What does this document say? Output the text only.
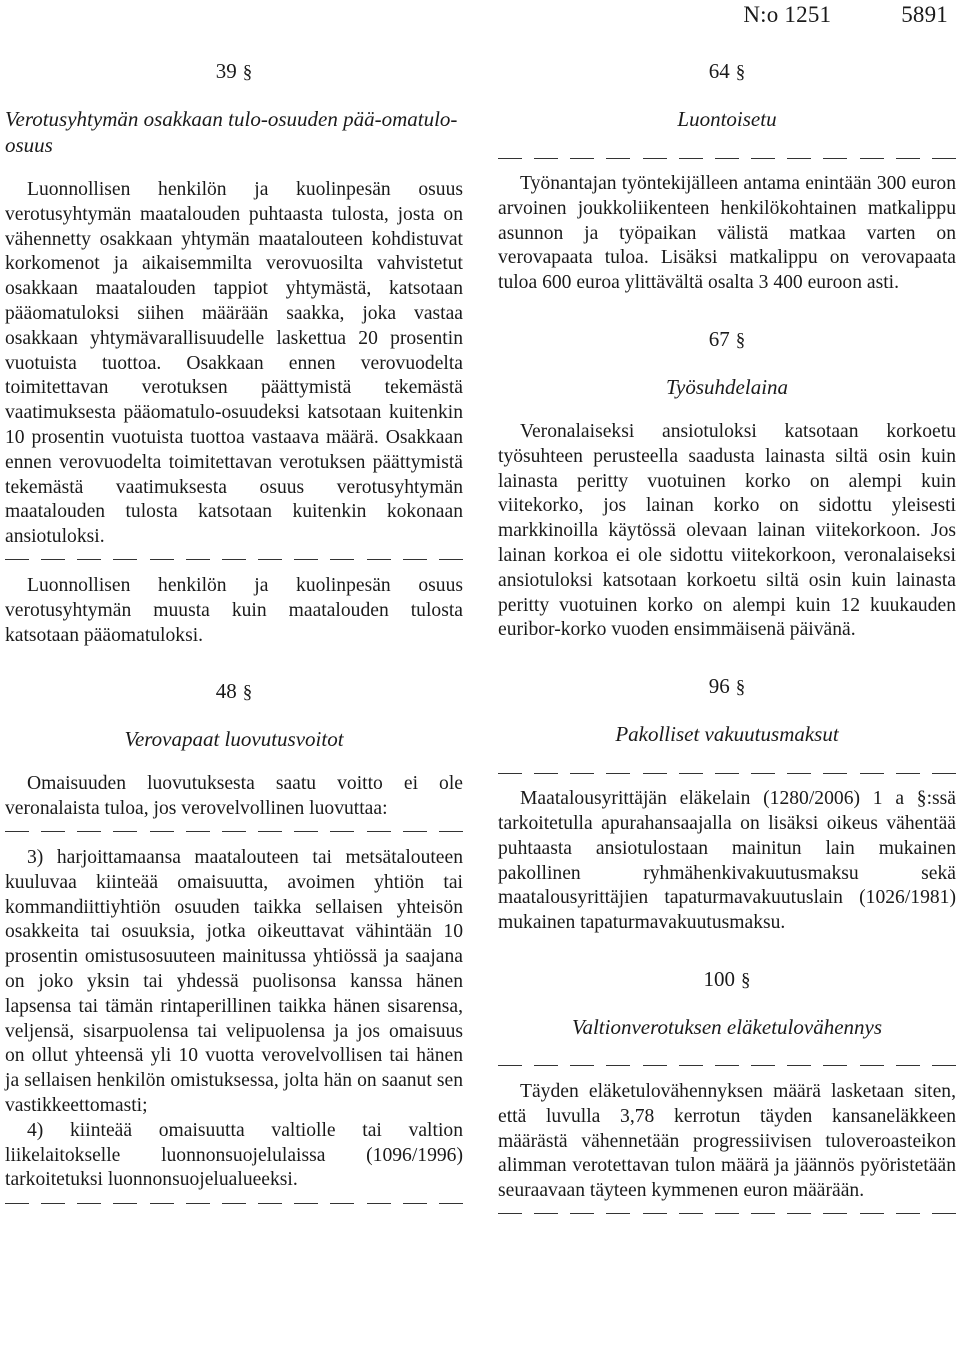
N:o 1251	5891
39 §
Verotusyhtymän osakkaan tulo-osuuden pää-omatulo-osuus

Luonnollisen henkilön ja kuolinpesän osuus verotusyhtymän maatalouden puhtaasta tulosta, josta on vähennetty osakkaan yhtymän maatalouteen kohdistuvat korkomenot ja aikaisemmilta verovuosilta vahvistetut osakkaan maatalouden tappiot yhtymästä, katsotaan pääomatuloksi siihen määrään saakka, joka vastaa osakkaan yhtymävarallisuudelle laskettua 20 prosentin vuotuista tuottoa. Osakkaan ennen verovuodelta toimitettavan verotuksen päättymistä tekemästä vaatimuksesta pääomatulo-osuudeksi katsotaan kuitenkin 10 prosentin vuotuista tuottoa vastaava määrä. Osakkaan ennen verovuodelta toimitettavan verotuksen päättymistä tekemästä vaatimuksesta osuus verotusyhtymän maatalouden tulosta katsotaan kuitenkin kokonaan ansiotuloksi.

Luonnollisen henkilön ja kuolinpesän osuus verotusyhtymän muusta kuin maatalouden tulosta katsotaan pääomatuloksi.

48 §
Verovapaat luovutusvoitot

Omaisuuden luovutuksesta saatu voitto ei ole veronalaista tuloa, jos verovelvollinen luovuttaa:

3) harjoittamaansa maatalouteen tai metsätalouteen kuuluvaa kiinteää omaisuutta, avoimen yhtiön tai kommandiittiyhtiön osuuden taikka sellaisen yhteisön osakkeita tai osuuksia, jotka oikeuttavat vähintään 10 prosentin omistusosuuteen mainitussa yhtiössä ja saajana on joko yksin tai yhdessä puolisonsa kanssa hänen lapsensa tai tämän rintaperillinen taikka hänen sisarensa, veljensä, sisarpuolensa tai velipuolensa ja jos omaisuus on ollut yhteensä yli 10 vuotta verovelvollisen tai hänen ja sellaisen henkilön omistuksessa, jolta hän on saanut sen vastikkeettomasti;

4) kiinteää omaisuutta valtiolle tai valtion liikelaitokselle luonnonsuojelulaissa (1096/1996) tarkoitetuksi luonnonsuojelualueeksi.

64 §
Luontoisetu

Työnantajan työntekijälleen antama enintään 300 euron arvoinen joukkoliikenteen henkilökohtainen matkalippu asunnon ja työpaikan välistä matkaa varten on verovapaata tuloa. Lisäksi matkalippu on verovapaata tuloa 600 euroa ylittävältä osalta 3 400 euroon asti.

67 §
Työsuhdelaina

Veronalaiseksi ansiotuloksi katsotaan korkoetu työsuhteen perusteella saadusta lainasta siltä osin kuin lainasta peritty vuotuinen korko on alempi kuin viitekorko, jos lainan korko on sidottu yleisesti markkinoilla käytössä olevaan lainan viitekorkoon. Jos lainan korkoa ei ole sidottu viitekorkoon, veronalaiseksi ansiotuloksi katsotaan korkoetu siltä osin kuin lainasta peritty vuotuinen korko on alempi kuin 12 kuukauden euribor-korko vuoden ensimmäisenä päivänä.

96 §
Pakolliset vakuutusmaksut

Maatalousyrittäjän eläkelain (1280/2006) 1 a §:ssä tarkoitetulla apurahansaajalla on lisäksi oikeus vähentää puhtaasta ansiotulostaan mainitun lain mukainen pakollinen ryhmähenkivakuutusmaksu sekä maatalousyrittäjien tapaturmavakuutuslain (1026/1981) mukainen tapaturmavakuutusmaksu.

100 §
Valtionverotuksen eläketulovähennys

Täyden eläketulovähennyksen määrä lasketaan siten, että luvulla 3,78 kerrotun täyden kansaneläkkeen määrästä vähennetään progressiivisen tuloveroasteikon alimman verotettavan tulon määrä ja jäännös pyöristetään seuraavaan täyteen kymmenen euron määrään.
